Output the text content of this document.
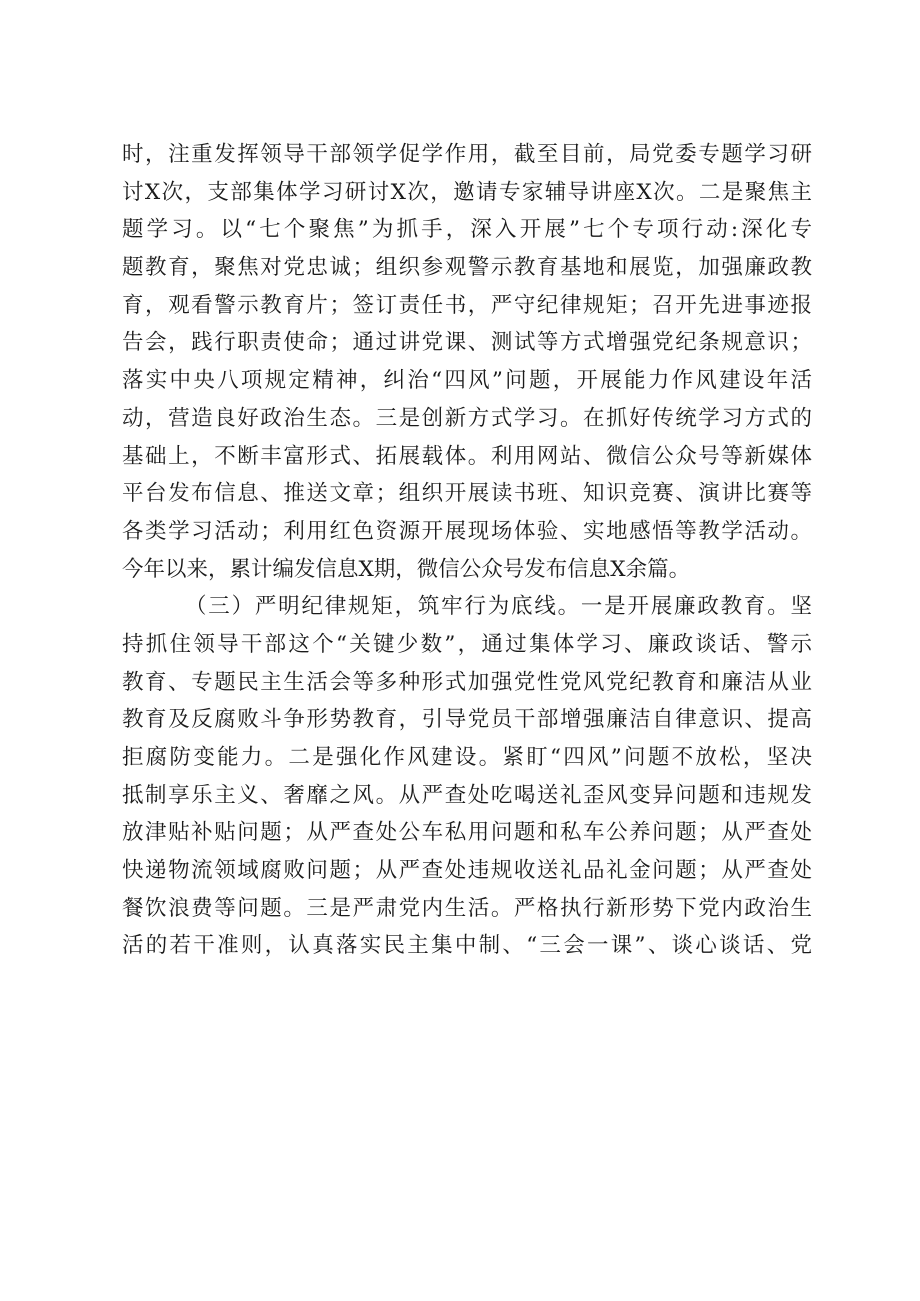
时，注重发挥领导干部领学促学作用，截至目前，局党委专题学习研
讨X次，支部集体学习研讨X次，邀请专家辅导讲座X次。二是聚焦主
题学习。以“七个聚焦”为抓手，深入开展”七个专项行动:深化专
题教育，聚焦对党忠诚；组织参观警示教育基地和展览，加强廉政教
育，观看警示教育片；签订责任书，严守纪律规矩；召开先进事迹报
告会，践行职责使命；通过讲党课、测试等方式增强党纪条规意识；
落实中央八项规定精神，纠治“四风”问题，开展能力作风建设年活
动，营造良好政治生态。三是创新方式学习。在抓好传统学习方式的
基础上，不断丰富形式、拓展载体。利用网站、微信公众号等新媒体
平台发布信息、推送文章；组织开展读书班、知识竞赛、演讲比赛等
各类学习活动；利用红色资源开展现场体验、实地感悟等教学活动。
今年以来，累计编发信息X期，微信公众号发布信息X余篇。
（三）严明纪律规矩，筑牢行为底线。一是开展廉政教育。坚
持抓住领导干部这个“关键少数”，通过集体学习、廉政谈话、警示
教育、专题民主生活会等多种形式加强党性党风党纪教育和廉洁从业
教育及反腐败斗争形势教育，引导党员干部增强廉洁自律意识、提高
拒腐防变能力。二是强化作风建设。紧盯“四风”问题不放松，坚决
抵制享乐主义、奢靡之风。从严查处吃喝送礼歪风变异问题和违规发
放津贴补贴问题；从严查处公车私用问题和私车公养问题；从严查处
快递物流领域腐败问题；从严查处违规收送礼品礼金问题；从严查处
餐饮浪费等问题。三是严肃党内生活。严格执行新形势下党内政治生
活的若干准则，认真落实民主集中制、“三会一课”、谈心谈话、党
